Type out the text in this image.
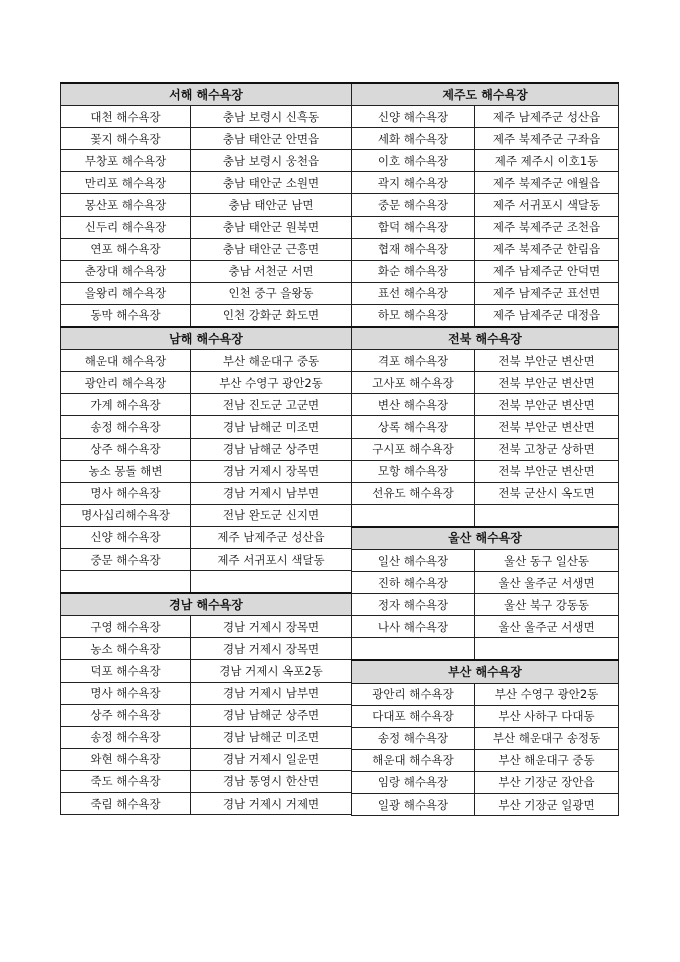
서해 해수욕장	
대천 해수욕장	충남 보령시 신흑동
꽃지 해수욕장	충남 태안군 안면읍
무창포 해수욕장	충남 보령시 웅천읍
만리포 해수욕장	충남 태안군 소원면
몽산포 해수욕장	충남 태안군 남면
신두리 해수욕장	충남 태안군 원북면
연포 해수욕장	충남 태안군 근흥면
춘장대 해수욕장	충남 서천군 서면
을왕리 해수욕장	인천 중구 을왕동
동막 해수욕장	인천 강화군 화도면
남해 해수욕장	
해운대 해수욕장	부산 해운대구 중동
광안리 해수욕장	부산 수영구 광안2동
가계 해수욕장	전남 진도군 고군면
송정 해수욕장	경남 남해군 미조면
상주 해수욕장	경남 남해군 상주면
농소 몽돌 해변	경남 거제시 장목면
명사 해수욕장	경남 거제시 남부면
명사십리해수욕장	전남 완도군 신지면
신양 해수욕장	제주 남제주군 성산읍
중문 해수욕장	제주 서귀포시 색달동

경남 해수욕장	
구영 해수욕장	경남 거제시 장목면
농소 해수욕장	경남 거제시 장목면
덕포 해수욕장	경남 거제시 옥포2동
명사 해수욕장	경남 거제시 남부면
상주 해수욕장	경남 남해군 상주면
송정 해수욕장	경남 남해군 미조면
와현 해수욕장	경남 거제시 일운면
죽도 해수욕장	경남 통영시 한산면
죽림 해수욕장	경남 거제시 거제면
제주도 해수욕장	
신양 해수욕장	제주 남제주군 성산읍
세화 해수욕장	제주 북제주군 구좌읍
이호 해수욕장	제주 제주시 이호1동
곽지 해수욕장	제주 북제주군 애월읍
중문 해수욕장	제주 서귀포시 색달동
함덕 해수욕장	제주 북제주군 조천읍
협재 해수욕장	제주 북제주군 한림읍
화순 해수욕장	제주 남제주군 안덕면
표선 해수욕장	제주 남제주군 표선면
하모 해수욕장	제주 남제주군 대정읍
전북 해수욕장	
격포 해수욕장	전북 부안군 변산면
고사포 해수욕장	전북 부안군 변산면
변산 해수욕장	전북 부안군 변산면
상록 해수욕장	전북 부안군 변산면
구시포 해수욕장	전북 고창군 상하면
모항 해수욕장	전북 부안군 변산면
선유도 해수욕장	전북 군산시 옥도면

울산 해수욕장	
일산 해수욕장	울산 동구 일산동
진하 해수욕장	울산 울주군 서생면
정자 해수욕장	울산 북구 강동동
나사 해수욕장	울산 울주군 서생면

부산 해수욕장	
광안리 해수욕장	부산 수영구 광안2동
다대포 해수욕장	부산 사하구 다대동
송정 해수욕장	부산 해운대구 송정동
해운대 해수욕장	부산 해운대구 중동
임랑 해수욕장	부산 기장군 장안읍
일광 해수욕장	부산 기장군 일광면
